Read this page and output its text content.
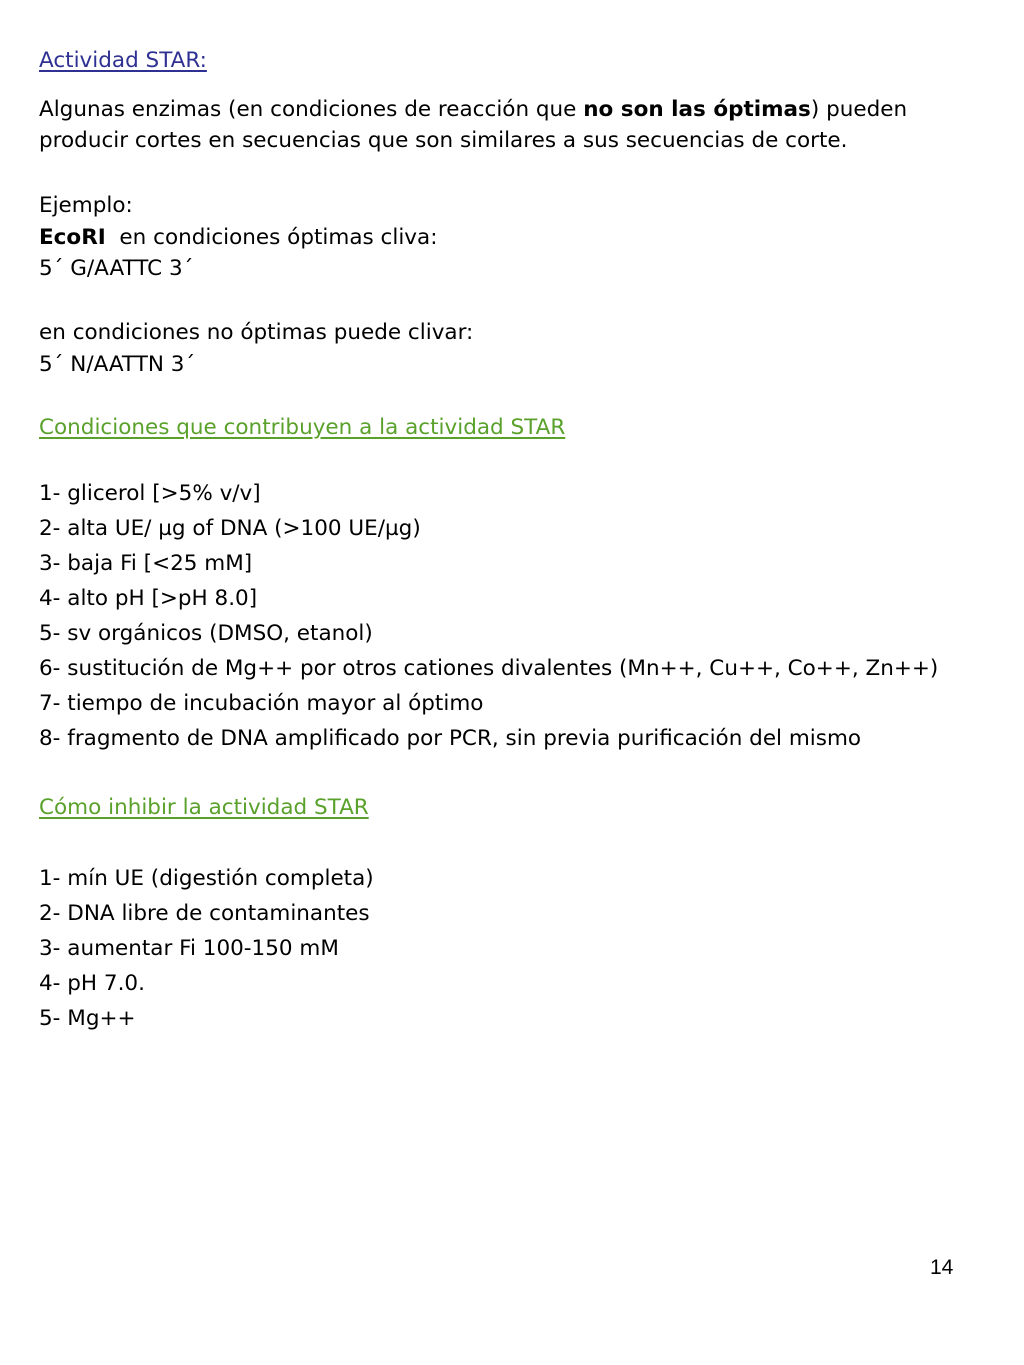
Actividad STAR:
Algunas enzimas (en condiciones de reacción que no son las óptimas) pueden
producir cortes en secuencias que son similares a sus secuencias de corte.
Ejemplo:
EcoRI  en condiciones óptimas cliva:
5´ G/AATTC 3´
en condiciones no óptimas puede clivar:
5´ N/AATTN 3´
Condiciones que contribuyen a la actividad STAR
1- glicerol [>5% v/v]
2- alta UE/ µg of DNA (>100 UE/µg)
3- baja Fi [<25 mM]
4- alto pH [>pH 8.0]
5- sv orgánicos (DMSO, etanol)
6- sustitución de Mg++ por otros cationes divalentes (Mn++, Cu++, Co++, Zn++)
7- tiempo de incubación mayor al óptimo
8- fragmento de DNA amplificado por PCR, sin previa purificación del mismo
Cómo inhibir la actividad STAR
1- mín UE (digestión completa)
2- DNA libre de contaminantes
3- aumentar Fi 100-150 mM
4- pH 7.0.
5- Mg++
14
